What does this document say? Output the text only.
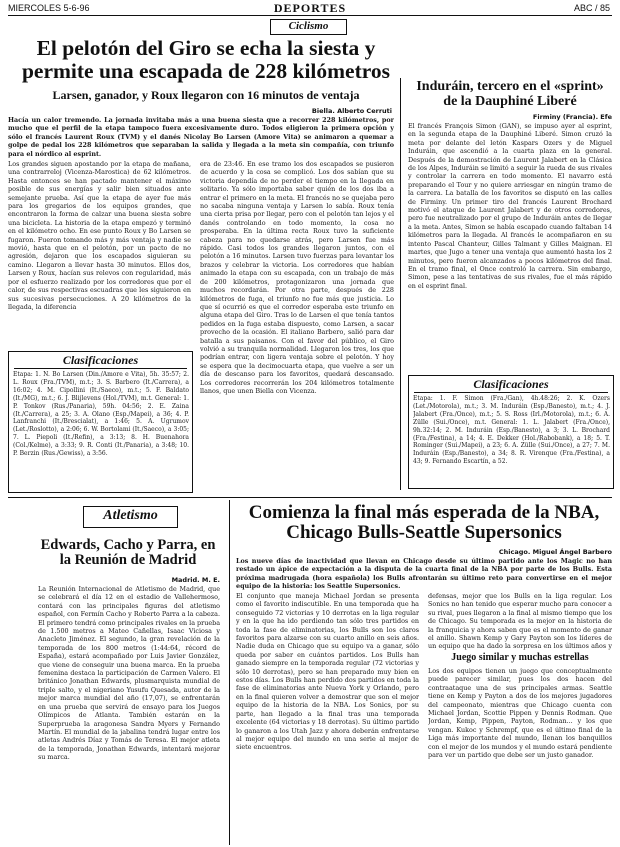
MIERCOLES 5-6-96	DEPORTES	ABC / 85
Ciclismo
El pelotón del Giro se echa la siesta y permite una escapada de 228 kilómetros
Larsen, ganador, y Roux llegaron con 16 minutos de ventaja
Biella. Alberto Cerruti
Hacía un calor tremendo. La jornada invitaba más a una buena siesta que a recorrer 228 kilómetros, por mucho que el perfil de la etapa tampoco fuera excesivamente duro. Todos eligieron la primera opción y sólo el francés Laurent Roux (TVM) y el danés Nicolay Bo Larsen (Amore Vita) se animaron a quemar a golpe de pedal los 228 kilómetros que separaban la salida y llegada a la meta sin compañía, con triunfo para el nórdico al esprint.
Los grandes siguen apostando por la etapa de mañana, una contrarreloj (Vicenza-Marostica) de 62 kilómetros. Hasta entonces se han pactado mantener el máximo posible de sus energías y salir bien situados ante semejante prueba. Así que la etapa de ayer fue más para los gregarios de los equipos grandes, que encontraron la forma de calzar una buena siesta sobre una bicicleta. La historia de la etapa empezó y terminó en el kilómetro ocho. En ese punto Roux y Bo Larsen se fugaron. Fueron tomando más y más ventaja y nadie se movió, hasta que en el pelotón, por un pacto de no agresión, dejaron que los escapados siguieran su camino. Llegaron a llevar hasta 30 minutos. Ellos dos, Larsen y Roux, hacían sus relevos con regularidad, más por el esfuerzo realizado por los corredores que por el calor, de sus respectivas escuadras que les siguieron en sus sucesivas persecuciones. A 20 kilómetros de la llegada, la diferencia
era de 23:46. En ese tramo los dos escapados se pusieron de acuerdo y la cosa se complicó. Los dos sabían que su victoria dependía de no perder el tiempo en la llegada en solitario. Ya sólo importaba saber quién de los dos iba a entrar el primero en la meta. El francés no se quejaba pero no sacaba ninguna ventaja y Larsen lo sabía. Roux tenía una cierta prisa por llegar, pero con el pelotón tan lejos y el danés controlando en todo momento, la cosa no prosperaba. En la última recta Roux tuvo la suficiente cabeza para no quedarse atrás, pero Larsen fue más rápido. Casi todos los grandes llegaron juntos, con el pelotón a 16 minutos. Larsen tuvo fuerzas para levantar los brazos y celebrar la victoria. Los corredores que habían animado la etapa con su escapada, con un trabajo de más de 200 kilómetros, protagonizaron una jornada que muchos recordarán. Por otra parte, después de 228 kilómetros de fuga, el triunfo no fue más que justicia. Lo que sí ocurrió es que el corredor esperaba este triunfo en alguna etapa del Giro. Tras lo de Larsen el que tenía tantos pedidos en la fuga estaba dispuesto, como Larsen, a sacar provecho de la ocasión. El italiano Barbero, salió para dar batalla a sus paisanos. Con el favor del público, el Giro volvió a su tranquila normalidad. Llegaron los tres, los que podrían entrar, con ligera ventaja sobre el pelotón. Y hoy se espera que la decimocuarta etapa, que vuelve a ser un día de descanso para los favoritos, quedará descansado. Los corredores recorrerán los 204 kilómetros totalmente llanos, que unen Biella con Vicenza.
Clasificaciones
Etapa: 1. N. Bo Larsen (Din./Amore e Vita), 5h. 35:57; 2. L. Roux (Fra./TVM), m.t.; 3. S. Barbero (It./Carrera), a 16:02; 4. M. Cipollini (It./Saeco), m.t.; 5. F. Baldato (It./MG), m.t.; 6. J. Blijlevens (Hol./TVM), m.t. General: 1. P. Tonkov (Rus./Panaria), 59h. 04:56; 2. E. Zaina (It./Carrera), a 25; 3. A. Olano (Esp./Mapei), a 36; 4. P. Lanfranchi (It./Brescialat), a 1:46; 5. A. Ugrumov (Let./Roslotto), a 2:06; 6. W. Bortolami (It./Saeco), a 3:05; 7. L. Piepoli (It./Refin), a 3:13; 8. H. Buenahora (Col./Kelme), a 3:33; 9. R. Conti (It./Panaria), a 3:48; 10. P. Berzin (Rus./Gewiss), a 3:56.
Induráin, tercero en el «sprint» de la Dauphiné Liberé
Firminy (Francia). Efe
El francés François Simon (GAN), se impuso ayer al esprint, en la segunda etapa de la Dauphiné Liberé. Simon cruzó la meta por delante del letón Kaspars Ozers y de Miguel Induráin, que ascendió a la cuarta plaza en la general. Después de la demostración de Laurent Jalabert en la Clásica de los Alpes, Induráin se limitó a seguir la rueda de sus rivales y controlar la carrera en todo momento. El navarro está preparando el Tour y no quiere arriesgar en ningún tramo de la carrera. La batalla de los favoritos se disputó en las calles de Firminy. Un primer tiro del francés Laurent Brochard motivó el ataque de Laurent Jalabert y de otros corredores, pero fue neutralizado por el grupo de Induráin antes de llegar a la meta. Antes, Simon se había escapado cuando faltaban 14 kilómetros para la llegada. Al francés le acompañaron en su intento Pascal Chanteur, Gilles Talmant y Gilles Maignan. El martes, que Jugo a tener una ventaja que aumentó hasta los 2 minutos, pero fueron alcanzados a pocos kilómetros del final. En el tramo final, el Once controló la carrera. Sin embargo, Simon, pese a las tentativas de sus rivales, fue el más rápido en el esprint final.
Clasificaciones
Etapa: 1. F. Simon (Fra./Gan), 4h.48:26; 2. K. Ozers (Let./Motorola), m.t.; 3. M. Induráin (Esp./Banesto), m.t.; 4. J. Jalabert (Fra./Once), m.t.; 5. S. Ross (Irl./Motorola), m.t.; 6. A. Zülle (Sui./Once), m.t. General: 1. L. Jalabert (Fra./Once), 9h.32:14; 2. M. Induráin (Esp./Banesto), a 3; 3. L. Brochard (Fra./Festina), a 14; 4. E. Dekker (Hol./Rabobank), a 18; 5. T. Rominger (Sui./Mapei), a 23; 6. A. Zülle (Sui./Once), a 27; 7. M. Induráin (Esp./Banesto), a 34; 8. R. Virenque (Fra./Festina), a 43; 9. Fernando Escartín, a 52.
Atletismo
Edwards, Cacho y Parra, en la Reunión de Madrid
Madrid. M. E.
La Reunión Internacional de Atletismo de Madrid, que se celebrará el día 12 en el estadio de Vallehermoso, contará con las principales figuras del atletismo español, con Fermín Cacho y Roberto Parra a la cabeza. El primero tendrá como principales rivales en la prueba de 1.500 metros a Mateo Cañellas, Isaac Viciosa y Anacleto Jiménez. El segundo, la gran revelación de la temporada de los 800 metros (1:44:64, récord de España), estará acompañado por Luis Javier González, que viene de conseguir una buena marca. En la prueba femenina destaca la participación de Carmen Valero. El británico Jonathan Edwards, plusmarquista mundial de triple salto, y el nigeriano Yusufu Quesada, autor de la mejor marca mundial del año (17,07), se enfrentarán en una prueba que servirá de ensayo para los Juegos Olímpicos de Atlanta. También estarán en la Superprueba la aragonesa Sandra Myers y Fernando Martín. El mundial de la jabalina tendrá lugar entre los atletas Andrés Díaz y Tomás de Teresa. El mejor atleta de la temporada, Jonathan Edwards, intentará mejorar su marca.
Comienza la final más esperada de la NBA, Chicago Bulls-Seattle Supersonics
Chicago. Miguel Ángel Barbero
Los nueve días de inactividad que llevan en Chicago desde su último partido ante los Magic no han restado un ápice de expectación a la disputa de la cuarta final de la NBA por parte de los Bulls. Esta próxima madrugada (hora española) los Bulls afrontarán su último reto para convertirse en el mejor equipo de la historia: los Seattle Supersonics.
El conjunto que maneja Michael Jordan se presenta como el favorito indiscutible. En una temporada que ha conseguido 72 victorias y 10 derrotas en la liga regular y en la que ha ido perdiendo tan sólo tres partidos en toda la fase de eliminatorias, los Bulls son los claros favoritos para alzarse con su cuarto anillo en seis años. Nadie duda en Chicago que su equipo va a ganar, sólo queda por saber en cuántos partidos. Los Bulls han ganado siempre en la temporada regular (72 victorias y sólo 10 derrotas), pero se han preparado muy bien en estos días. Los Bulls han perdido dos partidos en toda la fase de eliminatorias ante Nueva York y Orlando, pero en la final quieren volver a demostrar que son el mejor equipo de la historia de la NBA. Los Sonics, por su parte, han llegado a la final tras una temporada excelente (64 victorias y 18 derrotas). Su último partido lo ganaron a los Utah Jazz y ahora deberán enfrentarse al mejor equipo del mundo en una serie al mejor de siete encuentros.
defensas, mejor que los Bulls en la liga regular. Los Sonics no han tenido que esperar mucho para conocer a su rival, pues llegaron a la final al mismo tiempo que los de Chicago. Su temporada es la mejor en la historia de la franquicia y ahora saben que es el momento de ganar el anillo. Shawn Kemp y Gary Payton son los líderes de un equipo que ha dado la sorpresa en los últimos años y
Juego similar y muchas estrellas
Los dos equipos tienen un juego que conceptualmente puede parecer similar, pues los dos hacen del contraataque una de sus principales armas. Seattle tiene en Kemp y Payton a dos de los mejores jugadores del campeonato, mientras que Chicago cuenta con Michael Jordan, Scottie Pippen y Dennis Rodman. Que Jordan, Kemp, Pippen, Payton, Rodman... y los que vengan. Kukoc y Schrempf, que es el último final de la Liga más importante del mundo, llenan los banquillos con el mejor de los mundos y el mundo estará pendiente para ver un partido que debe ser un justo ganador.
